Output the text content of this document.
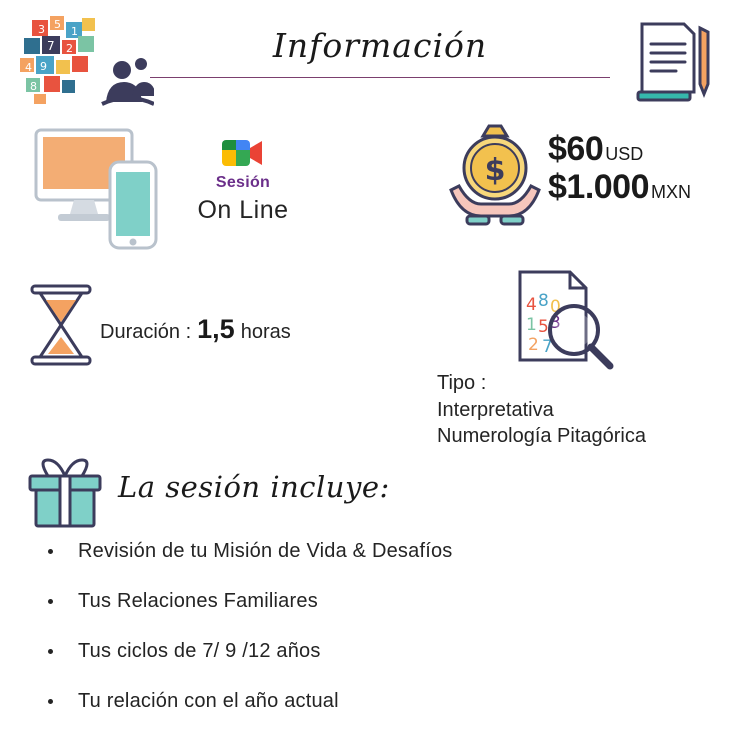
3 5
1
7 2
9
4
8
Información
Sesión
On Line
$
$60 USD
$1.000 MXN
Duración : 1,5 horas
4 8 0
1 5 3
2 7
Tipo :
Interpretativa
Numerología Pitagórica
La sesión incluye:
Revisión de tu Misión de Vida & Desafíos
Tus Relaciones Familiares
Tus ciclos de 7/ 9 /12 años
Tu relación con el año actual
